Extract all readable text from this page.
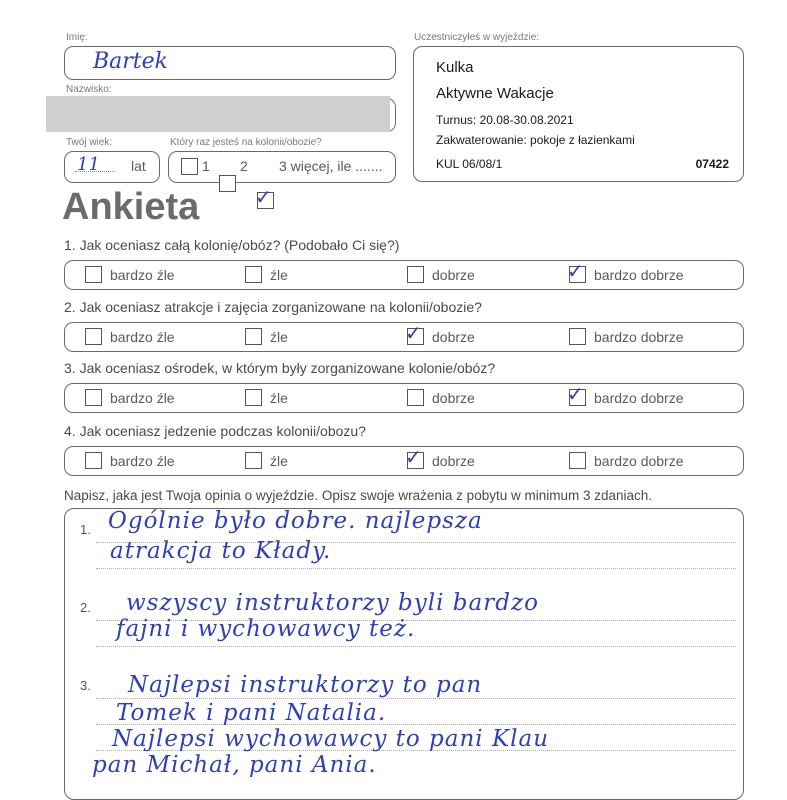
Imię:
Bartek
Nazwisko:
Twój wiek:
11 lat
Który raz jesteś na kolonii/obozie?
1 2
✓
3 więcej, ile .......
Uczestniczyłeś w wyjeździe:
Kulka
Aktywne Wakacje
Turnus: 20.08-30.08.2021
Zakwaterowanie: pokoje z łazienkami
KUL 06/08/1	07422
Ankieta
1. Jak oceniasz całą kolonię/obóz? (Podobało Ci się?)
bardzo źle	źle	dobrze	✓ bardzo dobrze
2. Jak oceniasz atrakcje i zajęcia zorganizowane na kolonii/obozie?
bardzo źle	źle	✓ dobrze	bardzo dobrze
3. Jak oceniasz ośrodek, w którym były zorganizowane kolonie/obóz?
bardzo źle	źle	dobrze	✓ bardzo dobrze
4. Jak oceniasz jedzenie podczas kolonii/obozu?
bardzo źle	źle	✓ dobrze	bardzo dobrze
Napisz, jaka jest Twoja opinia o wyjeździe. Opisz swoje wrażenia z pobytu w minimum 3 zdaniach.
1.
2.
3.
Ogólnie było dobre. najlepsza
atrakcja to Kłady.
wszyscy instruktorzy byli bardzo
fajni i wychowawcy też.
Najlepsi instruktorzy to pan
Tomek i pani Natalia.
Najlepsi wychowawcy to pani Klau
pan Michał, pani Ania.
